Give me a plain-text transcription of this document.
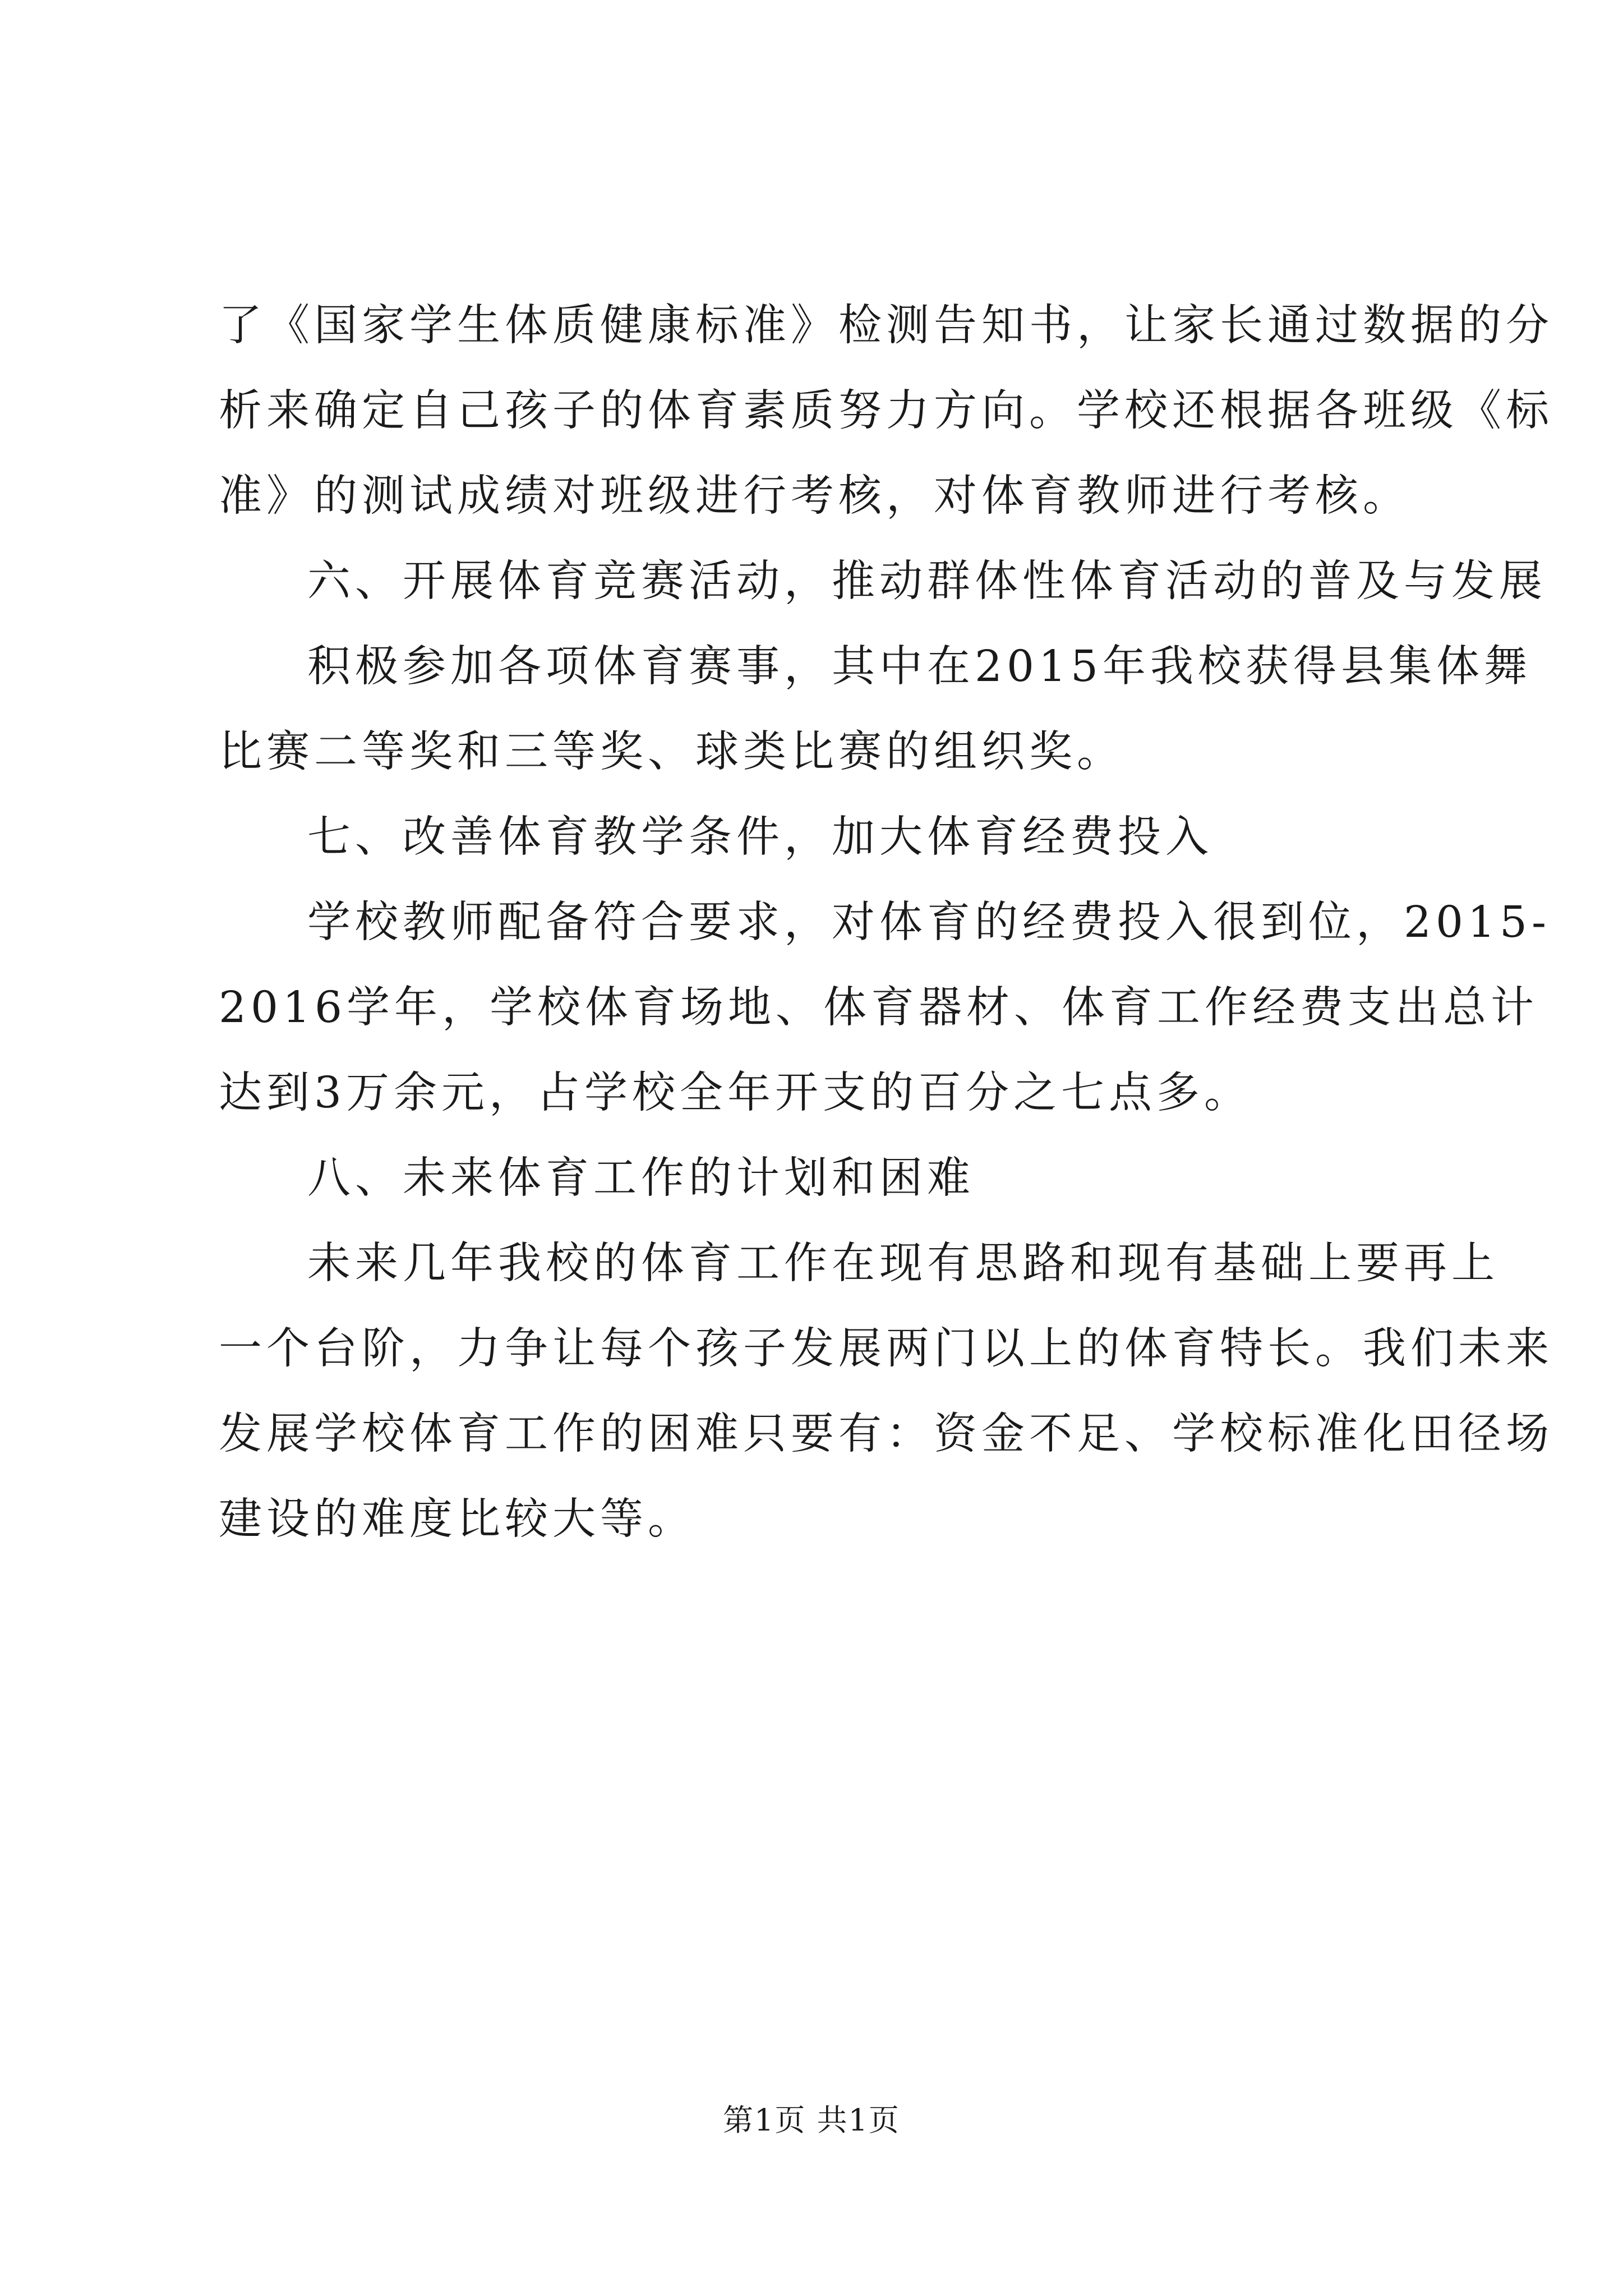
了《国家学生体质健康标准》检测告知书，让家长通过数据的分
析来确定自己孩子的体育素质努力方向。学校还根据各班级《标
准》的测试成绩对班级进行考核，对体育教师进行考核。
六、开展体育竞赛活动，推动群体性体育活动的普及与发展
积极参加各项体育赛事，其中在2015年我校获得县集体舞
比赛二等奖和三等奖、球类比赛的组织奖。
七、改善体育教学条件，加大体育经费投入
学校教师配备符合要求，对体育的经费投入很到位，2015-
2016学年，学校体育场地、体育器材、体育工作经费支出总计
达到3万余元，占学校全年开支的百分之七点多。
八、未来体育工作的计划和困难
未来几年我校的体育工作在现有思路和现有基础上要再上
一个台阶，力争让每个孩子发展两门以上的体育特长。我们未来
发展学校体育工作的困难只要有：资金不足、学校标准化田径场
建设的难度比较大等。
第1页 共1页
